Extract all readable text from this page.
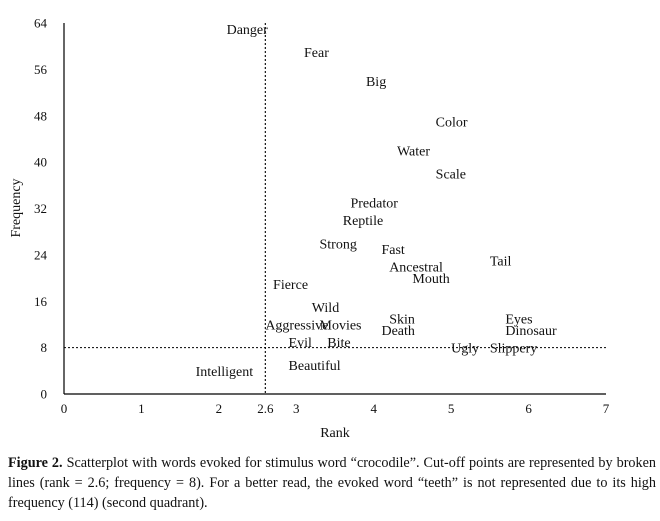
0	1	2	2.6 3	4	5	6	7
0
8
16
24
32
40
48
56
64	Danger
Fear
Big
Color
Water
Scale
Predator
Reptile
Strong Fast
Ancestral	Tail
Mouth
Fierce
Wild
Skin	Eyes
Aggressive
Movies Death	Dinosaur
Evil Bite	Ugly Slippery
Intelligent	Beautiful
Rank
Frequency
Figure 2. Scatterplot with words evoked for stimulus word “crocodile”. Cut-off points are represented by broken lines (rank = 2.6; frequency = 8). For a better read, the evoked word “teeth” is not represented due to its high frequency (114) (second quadrant).
